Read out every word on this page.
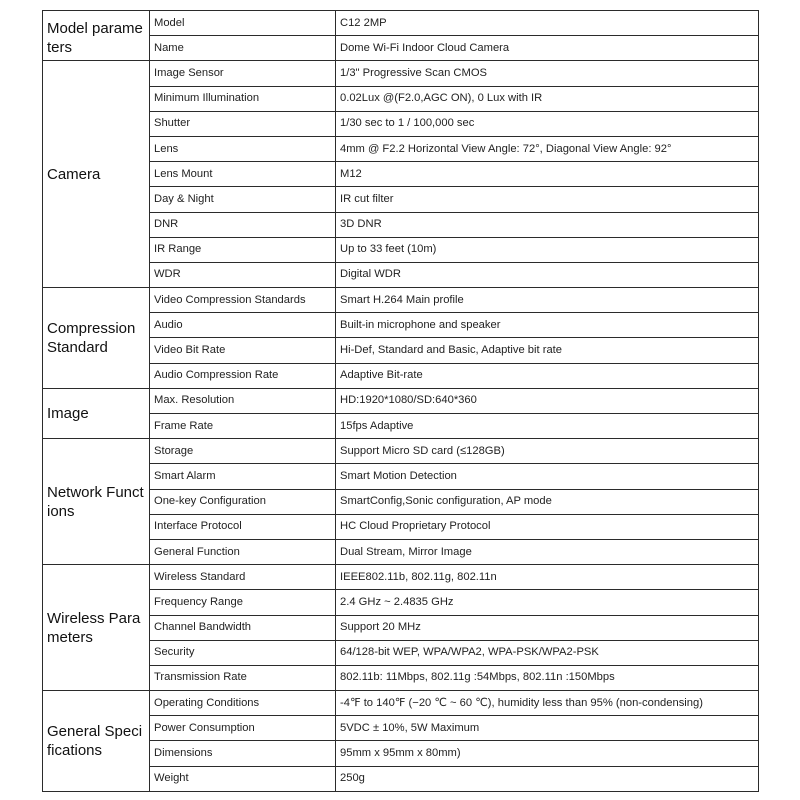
Model parameters	Model	C12 2MP
	Name	Dome Wi-Fi Indoor Cloud Camera
Camera	Image Sensor	1/3" Progressive Scan CMOS
	Minimum Illumination	0.02Lux @(F2.0,AGC ON), 0 Lux with IR
	Shutter	1/30 sec to 1 / 100,000 sec
	Lens	4mm @ F2.2 Horizontal View Angle: 72°, Diagonal View Angle: 92°
	Lens Mount	M12
	Day & Night	IR cut filter
	DNR	3D DNR
	IR Range	Up to 33 feet (10m)
	WDR	Digital WDR
Compression Standard	Video Compression Standards	Smart H.264 Main profile
	Audio	Built-in microphone and speaker
	Video Bit Rate	Hi-Def, Standard and Basic, Adaptive bit rate
	Audio Compression Rate	Adaptive Bit-rate
Image	Max. Resolution	HD:1920*1080/SD:640*360
	Frame Rate	15fps Adaptive
Network Functions	Storage	Support Micro SD card (≤128GB)
	Smart Alarm	Smart Motion Detection
	One-key Configuration	SmartConfig,Sonic configuration, AP mode
	Interface Protocol	HC Cloud Proprietary Protocol
	General Function	Dual Stream, Mirror Image
Wireless Parameters	Wireless Standard	IEEE802.11b, 802.11g, 802.11n
	Frequency Range	2.4 GHz ~ 2.4835 GHz
	Channel Bandwidth	Support 20 MHz
	Security	64/128-bit WEP, WPA/WPA2, WPA-PSK/WPA2-PSK
	Transmission Rate	802.11b: 11Mbps, 802.11g :54Mbps, 802.11n :150Mbps
General Specifications	Operating Conditions	-4℉ to 140℉ (−20 ℃ ~ 60 ℃), humidity less than 95% (non-condensing)
	Power Consumption	5VDC ± 10%, 5W Maximum
	Dimensions	95mm x 95mm x 80mm)
	Weight	250g
